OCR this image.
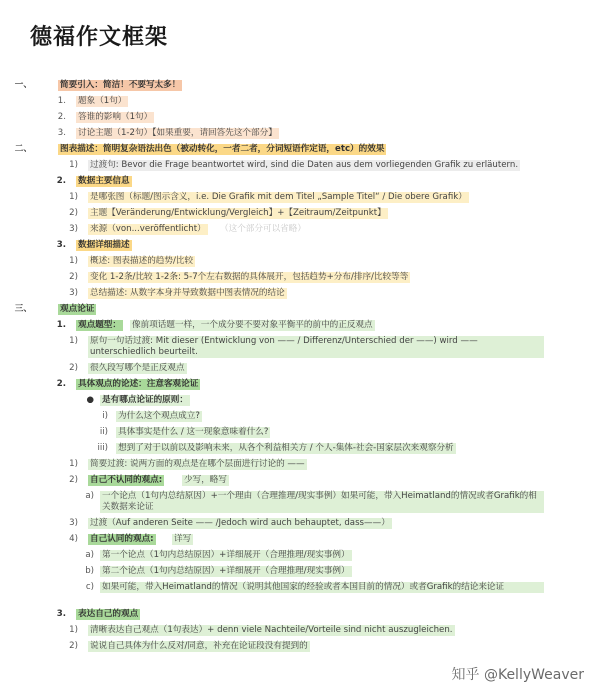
德福作文框架
一、	简要引入：简洁！不要写太多！
1. 题象（1句）
2. 答谁的影响（1句）
3. 讨论主题（1-2句）【如果重要，请回答先这个部分】
二、	图表描述：简明复杂语法出色（被动转化，一者二者，分词短语作定语，etc）的效果
1) 过渡句: Bevor die Frage beantwortet wird, sind die Daten aus dem vorliegenden Grafik zu erläutern.
2. 数据主要信息
1) 是哪张图（标题/图示含义，i.e. Die Grafik mit dem Titel „Sample Titel“ / Die obere Grafik）
2) 主题【Veränderung/Entwicklung/Vergleich】+【Zeitraum/Zeitpunkt】
3) 来源（von...veröffentlicht） （这个部分可以省略）
3. 数据详细描述
1) 概述: 图表描述的趋势/比较
2) 变化 1-2条/比较 1-2条: 5-7个左右数据的具体展开，包括趋势+分布/排序/比较等等
3) 总结描述: 从数字本身并导致数据中图表情况的结论
三、	观点论证
1. 观点题型： 像前项话题一样，一个成分要不要对象平衡平的前中的正反观点
1) 原句一句话过渡: Mit dieser (Entwicklung von —— / Differenz/Unterschied der ——) wird —— unterschiedlich beurteilt.
2) 很久段写哪个是正反观点
2. 具体观点的论述：注意客观论证
● 是有哪点论证的原则：
i) 为什么这个观点成立?
ii) 具体事实是什么 / 这一现象意味着什么?
iii) 想到了对于以前以及影响未来，从各个利益相关方 / 个人-集体-社会-国家层次来观察分析
1) 简要过渡: 说两方面的观点是在哪个层面进行讨论的 ——
2) 自己不认同的观点:	少写，略写
a) 一个论点（1句内总结原因）+一个理由（合理推理/现实事例）如果可能，带入Heimatland的情况或者Grafik的相关数据来论证
3) 过渡（Auf anderen Seite —— /Jedoch wird auch behauptet, dass——）
4) 自己认同的观点: 详写
a) 第一个论点（1句内总结原因）+详细展开（合理推理/现实事例）
b) 第二个论点（1句内总结原因）+详细展开（合理推理/现实事例）
c) 如果可能，带入Heimatland的情况（说明其他国家的经验或者本国目前的情况）或者Grafik的结论来论证
3. 表达自己的观点
1) 清晰表达自己观点（1句表达）+ denn viele Nachteile/Vorteile sind nicht auszugleichen.
2) 说说自己具体为什么反对/同意，补充在论证段没有提到的
知乎 @KellyWeaver
